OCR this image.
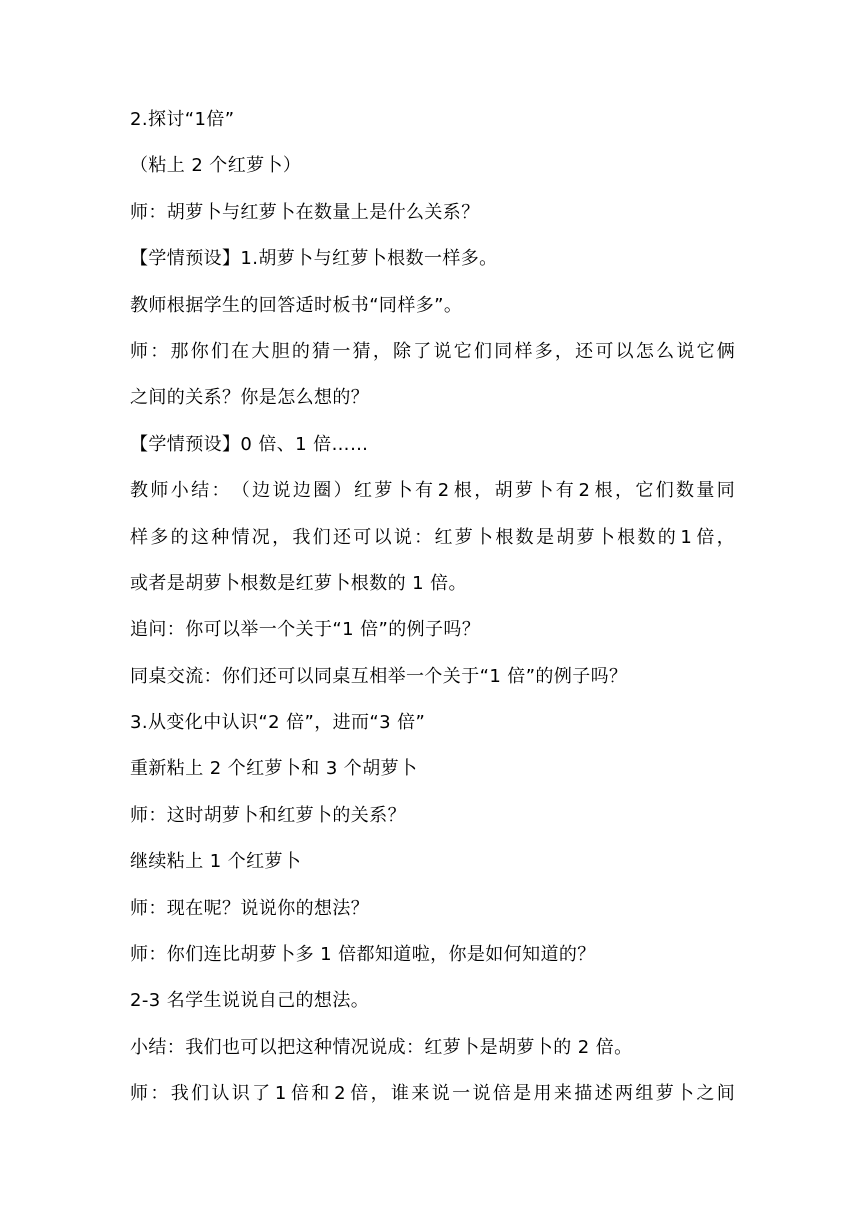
2.探讨“1倍”
（粘上 2 个红萝卜）
师：胡萝卜与红萝卜在数量上是什么关系？
【学情预设】1.胡萝卜与红萝卜根数一样多。
教师根据学生的回答适时板书“同样多”。
师 ： 那 你 们 在 大 胆 的 猜 一 猜 ， 除 了 说 它 们 同 样 多 ， 还 可 以 怎 么 说 它 俩
之间的关系？你是怎么想的？
【学情预设】0 倍、1 倍……
教 师 小 结 ： （ 边 说 边 圈 ） 红 萝 卜 有 2 根 ， 胡 萝 卜 有 2 根 ， 它 们 数 量 同
样 多 的 这 种 情 况 ， 我 们 还 可 以 说 ： 红 萝 卜 根 数 是 胡 萝 卜 根 数 的 1 倍 ，
或者是胡萝卜根数是红萝卜根数的 1 倍。
追问：你可以举一个关于“1 倍”的例子吗？
同桌交流：你们还可以同桌互相举一个关于“1 倍”的例子吗？
3.从变化中认识“2 倍”，进而“3 倍”
重新粘上 2 个红萝卜和 3 个胡萝卜
师：这时胡萝卜和红萝卜的关系？
继续粘上 1 个红萝卜
师：现在呢？说说你的想法？
师：你们连比胡萝卜多 1 倍都知道啦，你是如何知道的？
2-3 名学生说说自己的想法。
小结：我们也可以把这种情况说成：红萝卜是胡萝卜的 2 倍。
师 ： 我 们 认 识 了 1 倍 和 2 倍 ， 谁 来 说 一 说 倍 是 用 来 描 述 两 组 萝 卜 之 间
